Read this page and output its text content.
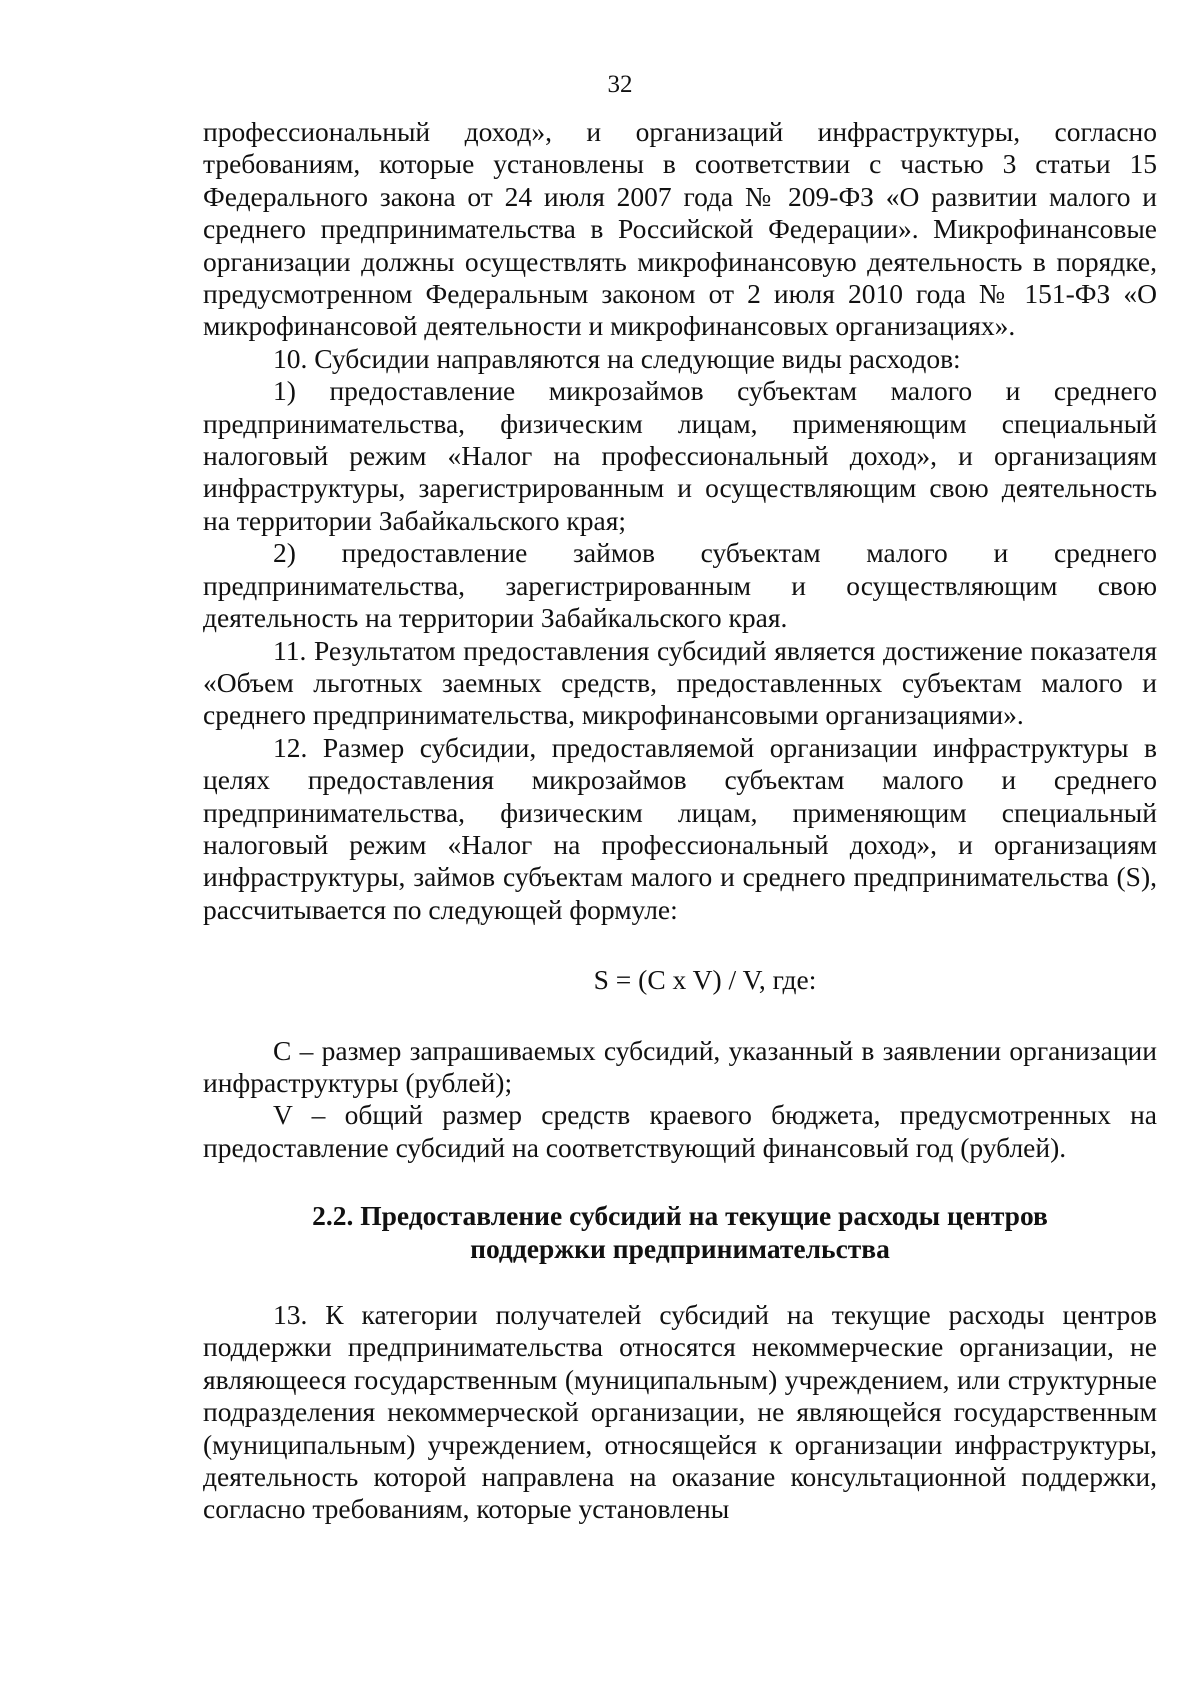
32

профессиональный доход», и организаций инфраструктуры, согласно требованиям, которые установлены в соответствии с частью 3 статьи 15 Федерального закона от 24 июля 2007 года № 209-ФЗ «О развитии малого и среднего предпринимательства в Российской Федерации». Микрофинансовые организации должны осуществлять микрофинансовую деятельность в порядке, предусмотренном Федеральным законом от 2 июля 2010 года № 151-ФЗ «О микрофинансовой деятельности и микрофинансовых организациях».

10. Субсидии направляются на следующие виды расходов:

1) предоставление микрозаймов субъектам малого и среднего предпринимательства, физическим лицам, применяющим специальный налоговый режим «Налог на профессиональный доход», и организациям инфраструктуры, зарегистрированным и осуществляющим свою деятельность на территории Забайкальского края;

2) предоставление займов субъектам малого и среднего предпринимательства, зарегистрированным и осуществляющим свою деятельность на территории Забайкальского края.

11. Результатом предоставления субсидий является достижение показателя «Объем льготных заемных средств, предоставленных субъектам малого и среднего предпринимательства, микрофинансовыми организациями».

12. Размер субсидии, предоставляемой организации инфраструктуры в целях предоставления микрозаймов субъектам малого и среднего предпринимательства, физическим лицам, применяющим специальный налоговый режим «Налог на профессиональный доход», и организациям инфраструктуры, займов субъектам малого и среднего предпринимательства (S), рассчитывается по следующей формуле:

S = (C x V) / V, где:

C – размер запрашиваемых субсидий, указанный в заявлении организации инфраструктуры (рублей);

V – общий размер средств краевого бюджета, предусмотренных на предоставление субсидий на соответствующий финансовый год (рублей).

2.2. Предоставление субсидий на текущие расходы центров
поддержки предпринимательства

13. К категории получателей субсидий на текущие расходы центров поддержки предпринимательства относятся некоммерческие организации, не являющееся государственным (муниципальным) учреждением, или структурные подразделения некоммерческой организации, не являющейся государственным (муниципальным) учреждением, относящейся к организации инфраструктуры, деятельность которой направлена на оказание консультационной поддержки, согласно требованиям, которые установлены
